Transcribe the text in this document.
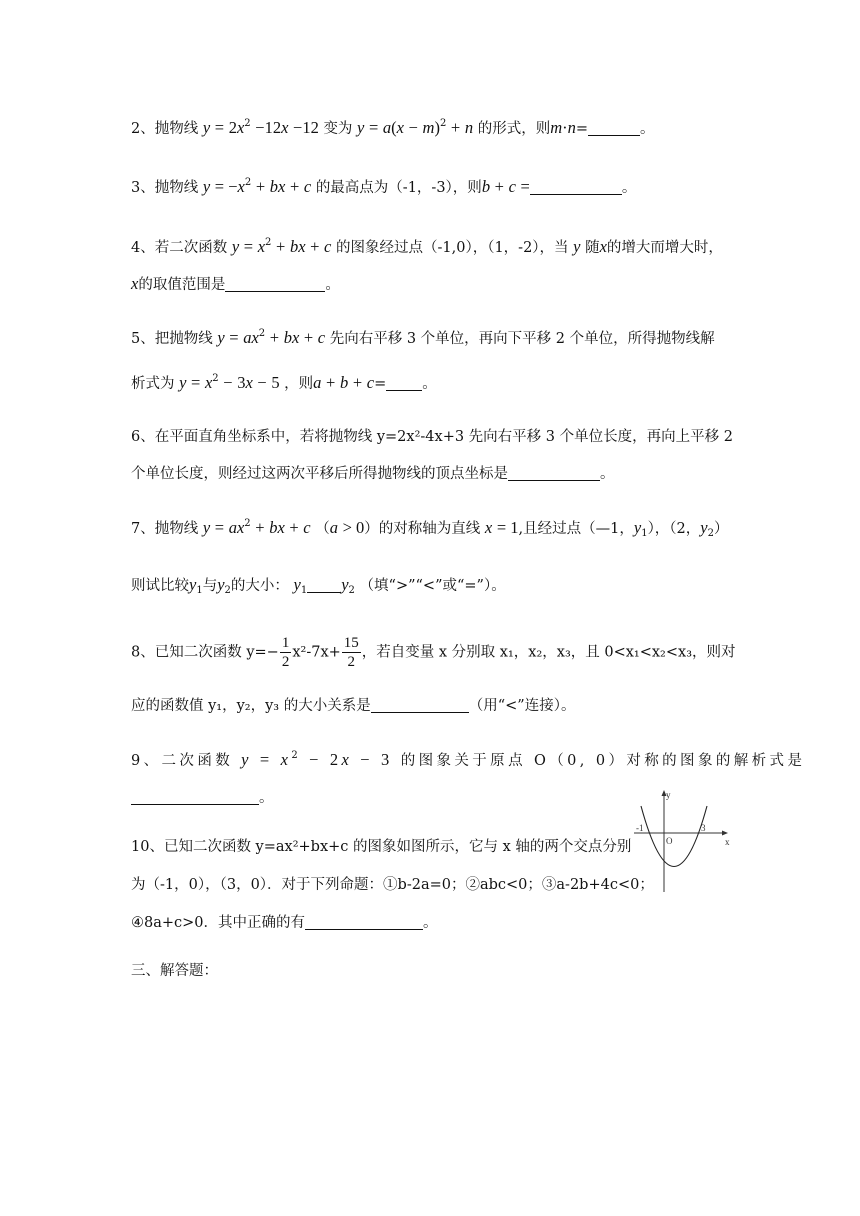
2、抛物线 $y = 2x^2 -12x -12$ 变为 $y = a(x - m)^2 + n$ 的形式，则m·n=	。
3、抛物线 $y = -x^2$ + bx + c 的最高点为（-1，-3），则b + c =	。
4、若二次函数 $y = x^2$ + bx + c 的图象经过点（-1,0），（1，-2），当 y 随x的增大而增大时，
x的取值范围是	。
5、把抛物线 $y = ax^2$ + bx + c 先向右平移 3 个单位，再向下平移 2 个单位，所得抛物线解
析式为 $y = x^2 - 3x - 5$ ，则a + b + c= 。
6、在平面直角坐标系中，若将抛物线 y=2x²-4x+3 先向右平移 3 个单位长度，再向上平移 2
个单位长度，则经过这两次平移后所得抛物线的顶点坐标是	。
7、抛物线 $y = ax^2$ + bx + c （a > 0）的对称轴为直线 x = 1,且经过点（—1，$y_1$），（2，$y_2$）
则试比较$y_1$与$y_2$的大小： $y_1$ $y_2$ （填“>”“<”或“=”）。
8、已知二次函数 $y=- \frac{1}{2} x^2-7x+ \frac{15}{2}$ ，若自变量 x 分别取 x₁，x₂，x₃，且 0<x₁<x₂<x₃，则对
应的函数值 y₁，y₂，y₃ 的大小关系是	（用“<”连接）。
9、二次函数 $y = x^2 - 2x - 3$ 的图象关于原点 O（0, 0）对称的图象的解析式是
。
10、已知二次函数 y=ax²+bx+c 的图象如图所示，它与 x 轴的两个交点分别
为（-1，0），（3，0）．对于下列命题：①b-2a=0；②abc<0；③a-2b+4c<0；
④8a+c>0．其中正确的有	。
y
x
O
-1	3
三、解答题：
